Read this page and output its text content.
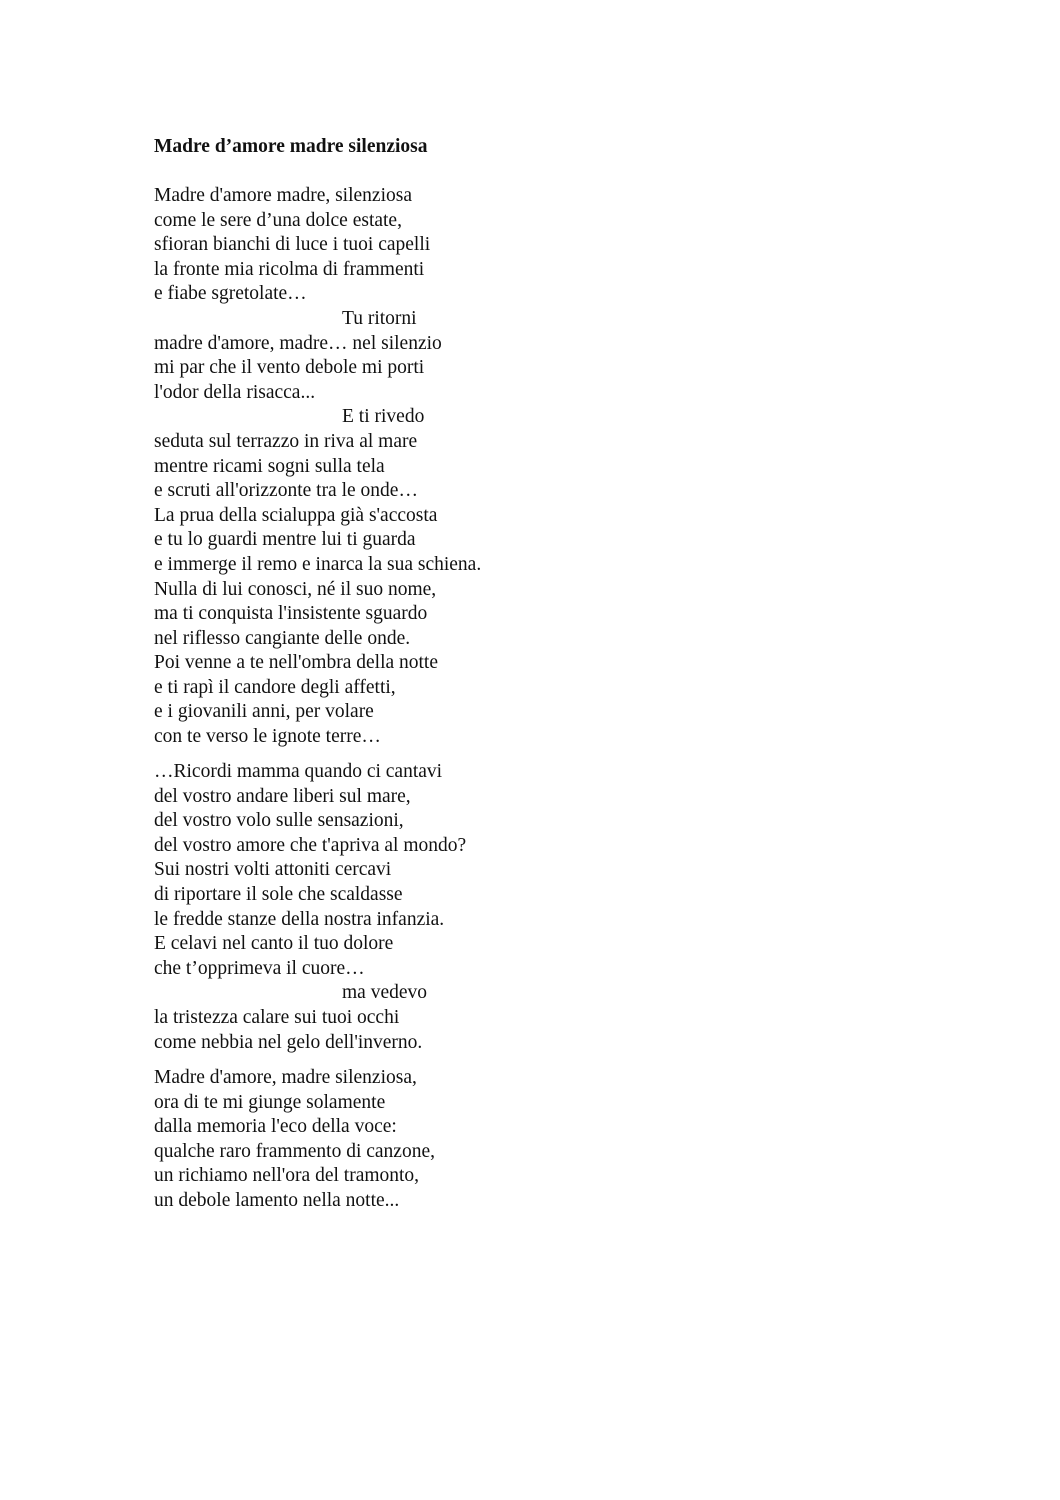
Madre d’amore madre silenziosa
Madre d'amore madre, silenziosa
come le sere d’una dolce estate,
sfioran bianchi di luce i tuoi capelli
la fronte mia ricolma di frammenti
e fiabe sgretolate…
Tu ritorni
madre d'amore, madre… nel silenzio
mi par che il vento debole mi porti
l'odor della risacca...
E ti rivedo
seduta sul terrazzo in riva al mare
mentre ricami sogni sulla tela
e scruti all'orizzonte tra le onde…
La prua della scialuppa già s'accosta
e tu lo guardi mentre lui ti guarda
e immerge il remo e inarca la sua schiena.
Nulla di lui conosci, né il suo nome,
ma ti conquista l'insistente sguardo
nel riflesso cangiante delle onde.
Poi venne a te nell'ombra della notte
e ti rapì il candore degli affetti,
e i giovanili anni, per volare
con te verso le ignote terre…
…Ricordi mamma quando ci cantavi
del vostro andare liberi sul mare,
del vostro volo sulle sensazioni,
del vostro amore che t'apriva al mondo?
Sui nostri volti attoniti cercavi
di riportare il sole che scaldasse
le fredde stanze della nostra infanzia.
E celavi nel canto il tuo dolore
che t’opprimeva il cuore…
ma vedevo
la tristezza calare sui tuoi occhi
come nebbia nel gelo dell'inverno.
Madre d'amore, madre silenziosa,
ora di te mi giunge solamente
dalla memoria l'eco della voce:
qualche raro frammento di canzone,
un richiamo nell'ora del tramonto,
un debole lamento nella notte...
